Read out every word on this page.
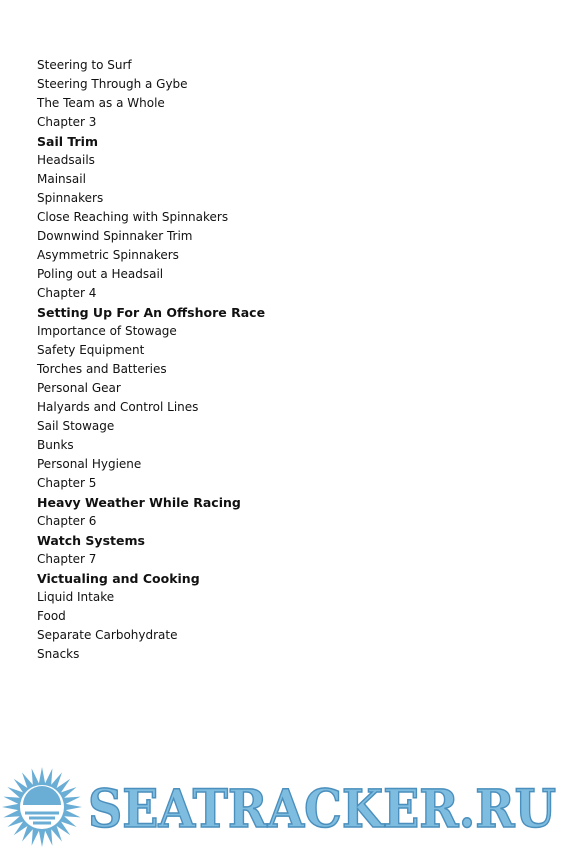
Steering to Surf
Steering Through a Gybe
The Team as a Whole
Chapter 3
Sail Trim
Headsails
Mainsail
Spinnakers
Close Reaching with Spinnakers
Downwind Spinnaker Trim
Asymmetric Spinnakers
Poling out a Headsail
Chapter 4
Setting Up For An Offshore Race
Importance of Stowage
Safety Equipment
Torches and Batteries
Personal Gear
Halyards and Control Lines
Sail Stowage
Bunks
Personal Hygiene
Chapter 5
Heavy Weather While Racing
Chapter 6
Watch Systems
Chapter 7
Victualing and Cooking
Liquid Intake
Food
Separate Carbohydrate
Snacks
SEATRACKER.RU
